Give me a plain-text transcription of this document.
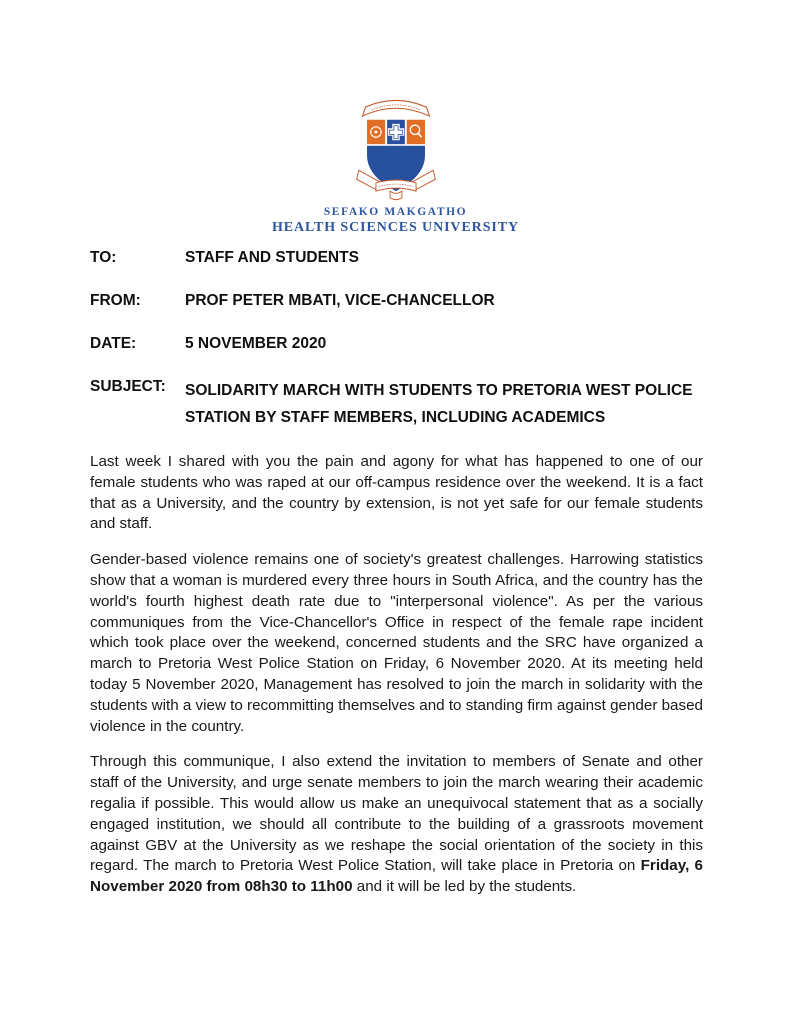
SEFAKO MAKGATHO
HEALTH SCIENCES UNIVERSITY
TO:	STAFF AND STUDENTS
FROM:	PROF PETER MBATI, VICE-CHANCELLOR
DATE:	5 NOVEMBER 2020
SUBJECT:	SOLIDARITY MARCH WITH STUDENTS TO PRETORIA WEST POLICE
STATION BY STAFF MEMBERS, INCLUDING ACADEMICS

Last week I shared with you the pain and agony for what has happened to one of our female students who was raped at our off-campus residence over the weekend. It is a fact that as a University, and the country by extension, is not yet safe for our female students and staff.

Gender-based violence remains one of society's greatest challenges. Harrowing statistics show that a woman is murdered every three hours in South Africa, and the country has the world's fourth highest death rate due to "interpersonal violence". As per the various communiques from the Vice-Chancellor's Office in respect of the female rape incident which took place over the weekend, concerned students and the SRC have organized a march to Pretoria West Police Station on Friday, 6 November 2020. At its meeting held today 5 November 2020, Management has resolved to join the march in solidarity with the students with a view to recommitting themselves and to standing firm against gender based violence in the country.

Through this communique, I also extend the invitation to members of Senate and other staff of the University, and urge senate members to join the march wearing their academic regalia if possible. This would allow us make an unequivocal statement that as a socially engaged institution, we should all contribute to the building of a grassroots movement against GBV at the University as we reshape the social orientation of the society in this regard. The march to Pretoria West Police Station, will take place in Pretoria on Friday, 6 November 2020 from 08h30 to 11h00 and it will be led by the students.
